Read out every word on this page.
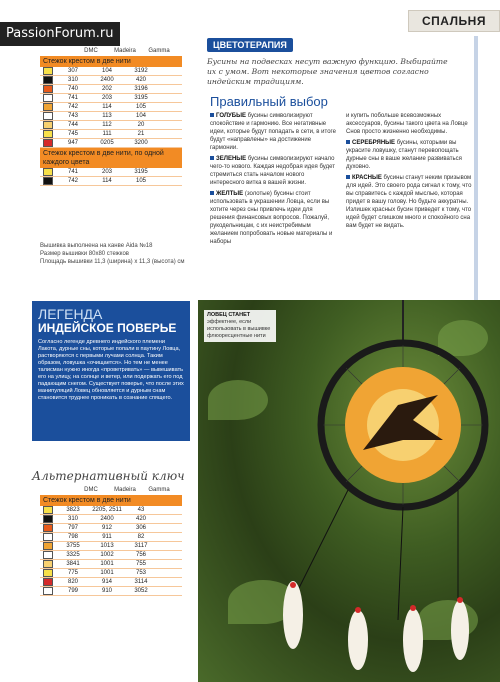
PassionForum.ru
СПАЛЬНЯ
DMC	Madeira	Gamma
Стежок крестом в две нити
307	104	3192
310	2400	420
740	202	3196
741	203	3195
742	114	105
743	113	104
744	112	20
745	111	21
947	0205	3200
Стежок крестом в две нити, по одной каждого цвета
741	203	3195
742	114	105
Вышивка выполнена на канве Aida №18
Размер вышивки 80x80 стежков
Площадь вышивки 11,3 (ширина) x 11,3 (высота) см
ЛЕГЕНДА
ИНДЕЙСКОЕ ПОВЕРЬЕ

Согласно легенде древнего индейского племени Лакота, дурные сны, которые попали в паутину Ловца, растворяются с первыми лучами солнца. Таким образом, ловушка «очищается». Но тем не менее талисман нужно иногда «проветривать» — вывешивать его на улицу, на солнце и ветер, или подержать его под падающим снегом. Существует поверье, что после этих манипуляций Ловец обновляется и дурным снам становится труднее проникать в сознание спящего.

Альтернативный ключ
DMC	Madeira	Gamma
Стежок крестом в две нити
3823	2205, 2511	43
310	2400	420
797	912	306
798	911	82
3755	1013	3117
3325	1002	756
3841	1001	755
775	1001	753
820	914	3114
799	910	3052
ЦВЕТОТЕРАПИЯ
Бусины на подвесках несут важную функцию. Выбирайте их с умом. Вот некоторые значения цветов согласно индейским традициям.
Правильный выбор

ГОЛУБЫЕ бусины символизируют спокойствие и гармонию. Все негативные идеи, которые будут попадать в сети, в итоге будут «направлены» на достижение гармонии.

ЗЕЛЕНЫЕ бусины символизируют начало чего-то нового. Каждая недобрая идея будет стремиться стать началом нового интересного витка в вашей жизни.

ЖЕЛТЫЕ (золотые) бусины стоит использовать в украшении Ловца, если вы хотите через сны привлечь идеи для решения финансовых вопросов. Пожалуй, рукодельницам, с их неистребимым желанием попробовать новые материалы и наборы

и купить побольше всевозможных аксессуаров, бусины такого цвета на Ловце Снов просто жизненно необходимы.

СЕРЕБРЯНЫЕ бусины, которыми вы украсите ловушку, станут перевопощать дурные сны в ваше желание развиваться духовно.

КРАСНЫЕ бусины станут неким призывом для идей. Это своего рода сигнал к тому, что вы справитесь с каждой мыслью, которая придет в вашу голову. Но будьте аккуратны. Излишек красных бусин приведет к тому, что идей будет слишком много и спокойного сна вам будет не видать.

ЛОВЕЦ СТАНЕТ эффектнее, если использовать в вышивке флюоресцентные нити
